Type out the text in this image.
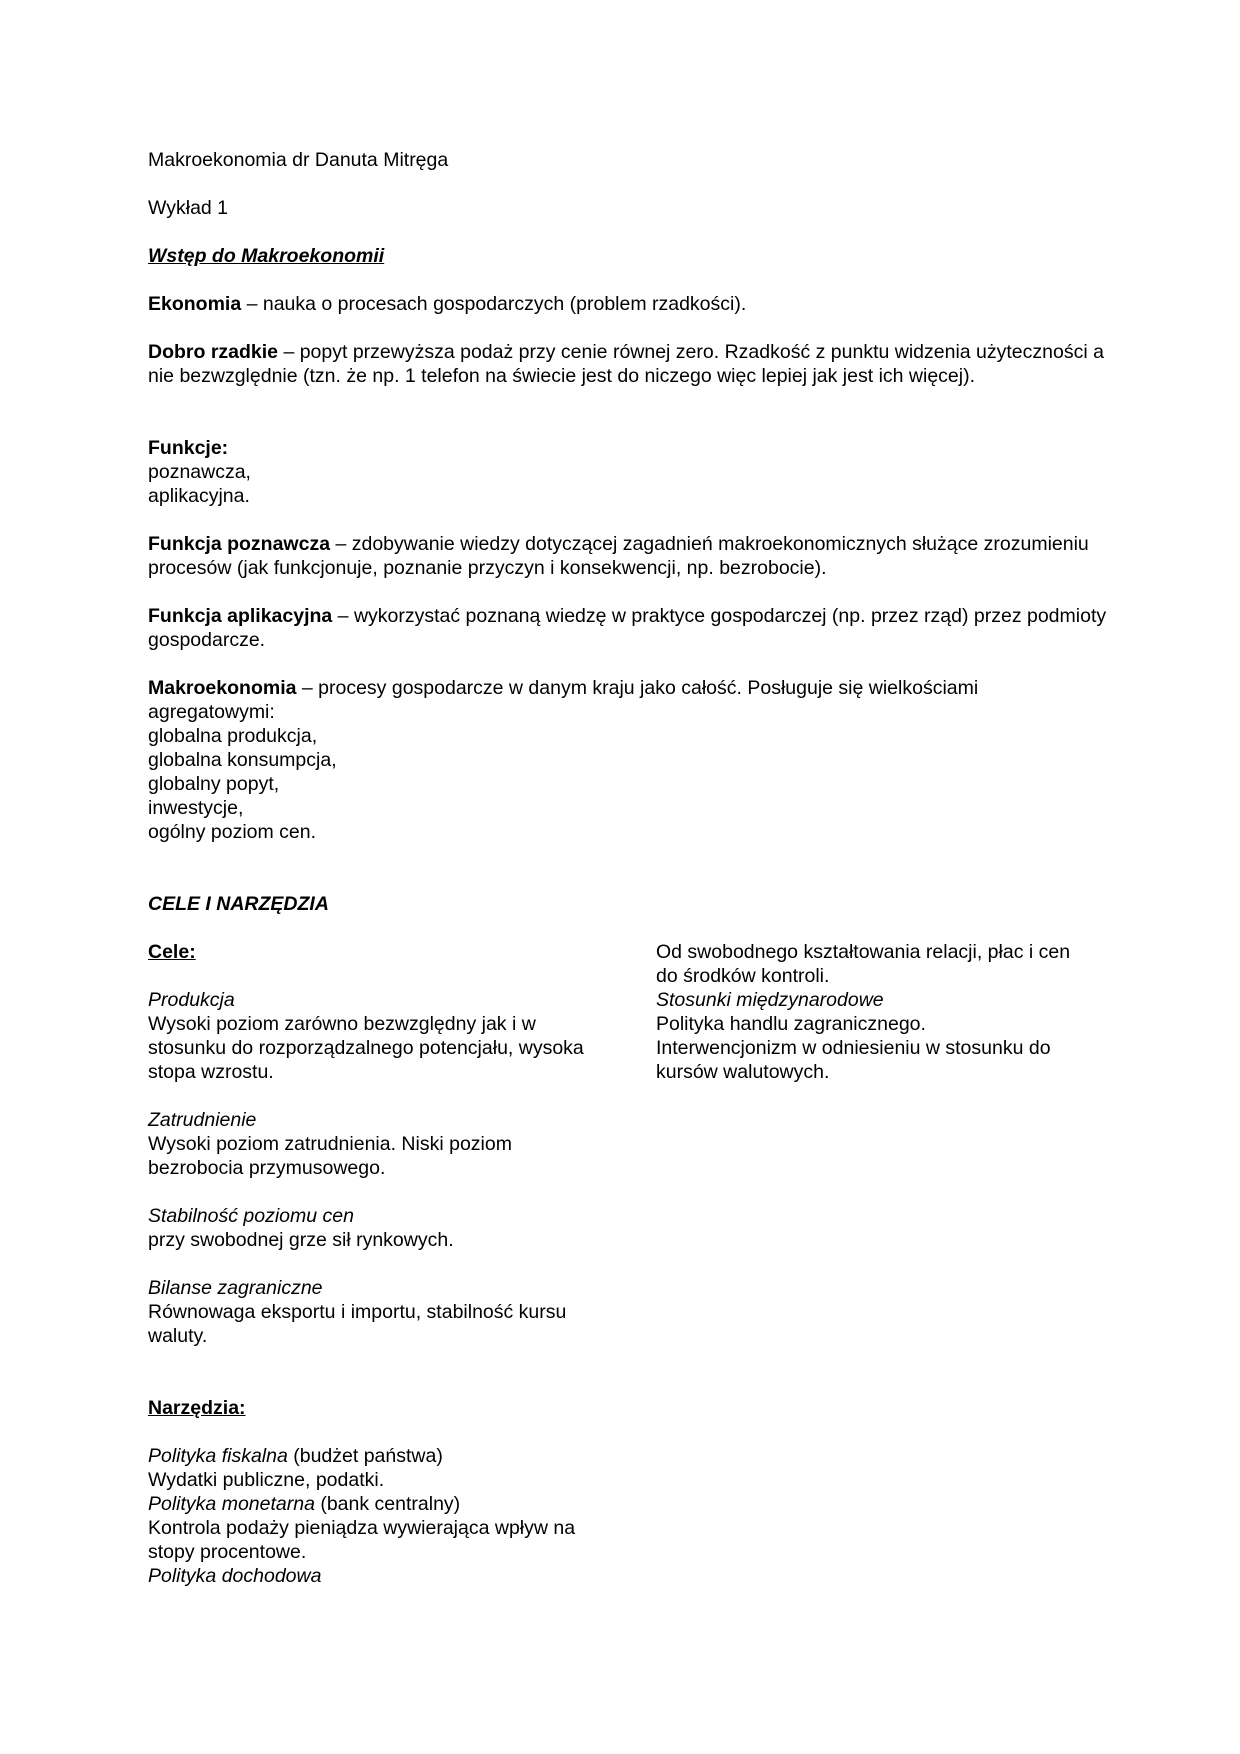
Makroekonomia dr Danuta Mitręga

Wykład 1

Wstęp do Makroekonomii

Ekonomia – nauka o procesach gospodarczych (problem rzadkości).

Dobro rzadkie – popyt przewyższa podaż przy cenie równej zero. Rzadkość z punktu widzenia użyteczności a nie bezwzględnie (tzn. że np. 1 telefon na świecie jest do niczego więc lepiej jak jest ich więcej).

Funkcje:

poznawcza,

aplikacyjna.

Funkcja poznawcza – zdobywanie wiedzy dotyczącej zagadnień makroekonomicznych służące zrozumieniu procesów (jak funkcjonuje, poznanie przyczyn i konsekwencji, np. bezrobocie).

Funkcja aplikacyjna – wykorzystać poznaną wiedzę w praktyce gospodarczej (np. przez rząd) przez podmioty gospodarcze.

Makroekonomia – procesy gospodarcze w danym kraju jako całość. Posługuje się wielkościami agregatowymi:

globalna produkcja,

globalna konsumpcja,

globalny popyt,

inwestycje,

ogólny poziom cen.

CELE I NARZĘDZIA

Cele:

Produkcja

Wysoki poziom zarówno bezwzględny jak i w stosunku do rozporządzalnego potencjału, wysoka stopa wzrostu.

Zatrudnienie

Wysoki poziom zatrudnienia. Niski poziom bezrobocia przymusowego.

Stabilność poziomu cen

przy swobodnej grze sił rynkowych.

Bilanse zagraniczne

Równowaga eksportu i importu, stabilność kursu waluty.

Narzędzia:

Polityka fiskalna (budżet państwa)

Wydatki publiczne, podatki.

Polityka monetarna (bank centralny)

Kontrola podaży pieniądza wywierająca wpływ na stopy procentowe.

Polityka dochodowa

Od swobodnego kształtowania relacji, płac i cen do środków kontroli.

Stosunki międzynarodowe

Polityka handlu zagranicznego.

Interwencjonizm w odniesieniu w stosunku do kursów walutowych.
